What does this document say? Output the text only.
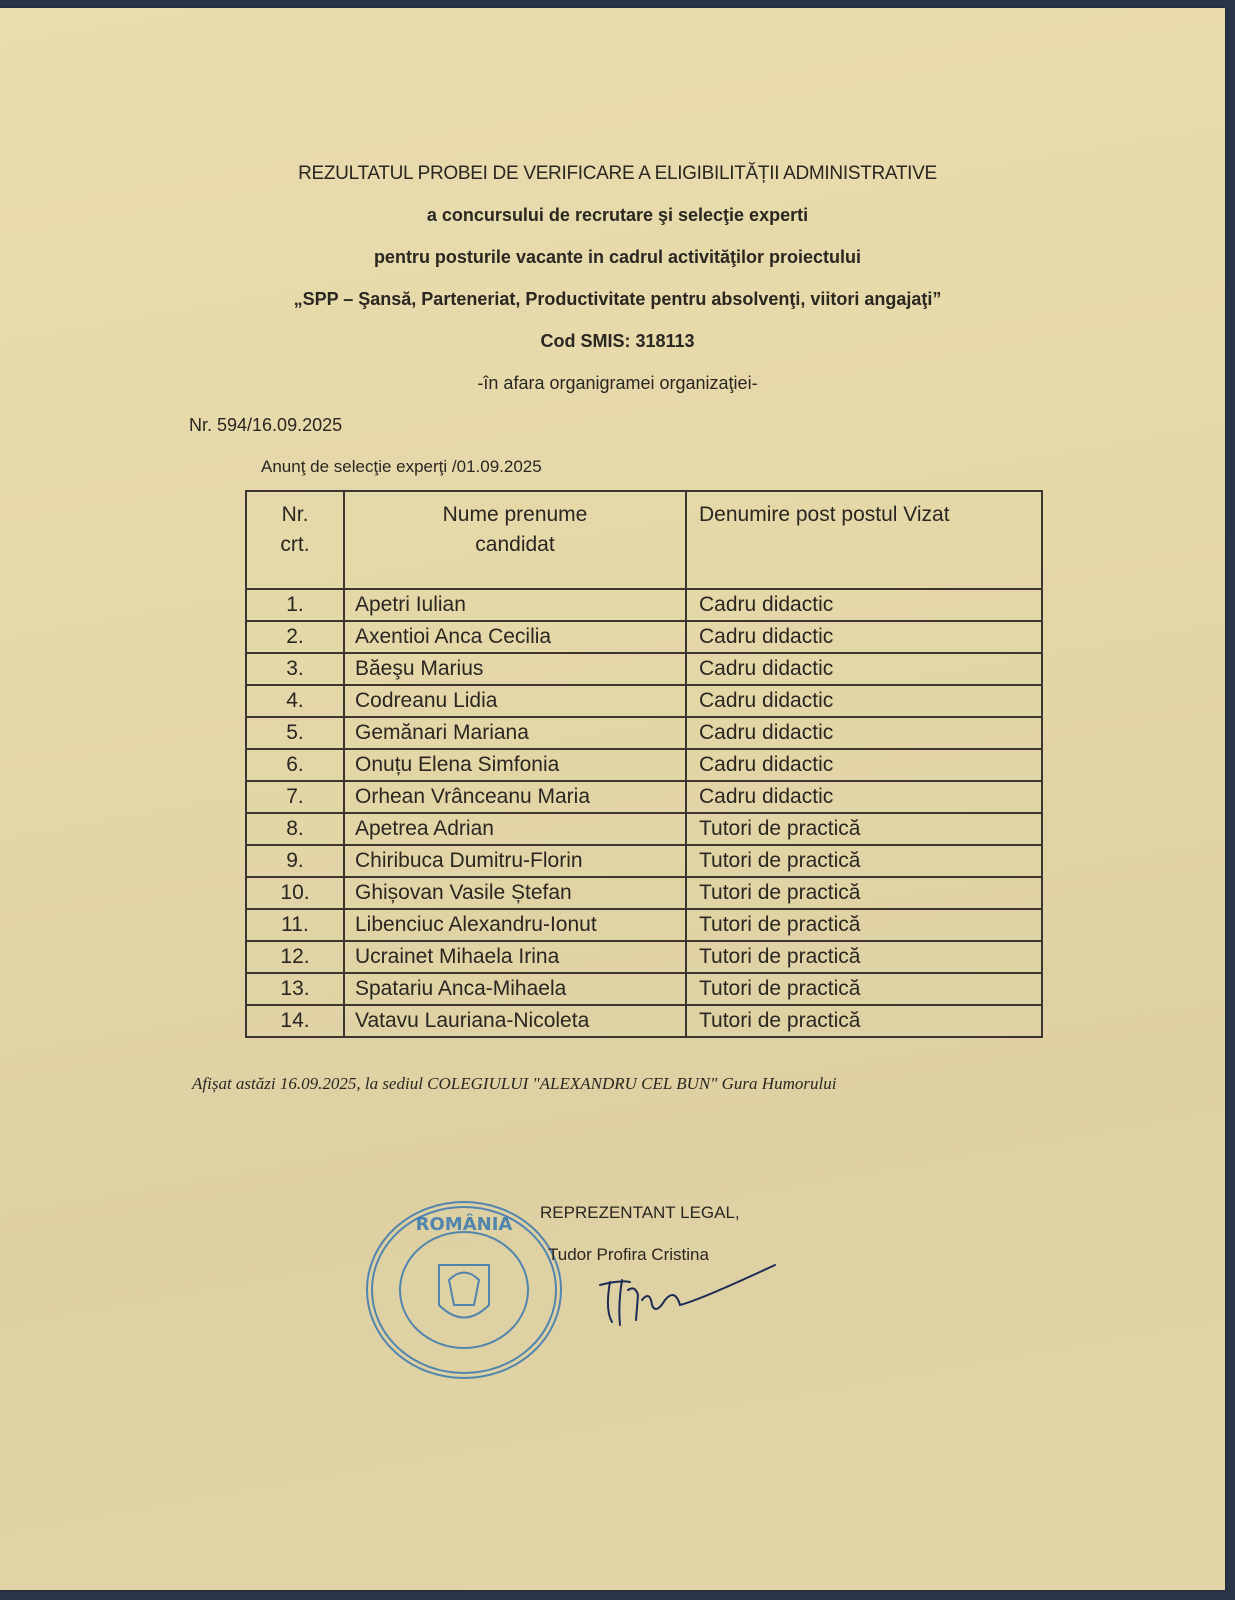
REZULTATUL PROBEI DE VERIFICARE A ELIGIBILITĂȚII ADMINISTRATIVE
a concursului de recrutare şi selecţie experti
pentru posturile vacante in cadrul activităţilor proiectului
„SPP – Şansă, Parteneriat, Productivitate pentru absolvenţi, viitori angajaţi”
Cod SMIS: 318113
-în afara organigramei organizaţiei-
Nr. 594/16.09.2025
Anunţ de selecţie experţi /01.09.2025
Nr.
crt.	Nume prenume candidat	Denumire post postul Vizat
1.	Apetri Iulian	Cadru didactic
2.	Axentioi Anca Cecilia	Cadru didactic
3.	Băeşu Marius	Cadru didactic
4.	Codreanu Lidia	Cadru didactic
5.	Gemănari Mariana	Cadru didactic
6.	Onuțu Elena Simfonia	Cadru didactic
7.	Orhean Vrânceanu Maria	Cadru didactic
8.	Apetrea Adrian	Tutori de practică
9.	Chiribuca Dumitru-Florin	Tutori de practică
10.	Ghișovan Vasile Ștefan	Tutori de practică
11.	Libenciuc Alexandru-Ionut	Tutori de practică
12.	Ucrainet Mihaela Irina	Tutori de practică
13.	Spatariu Anca-Mihaela	Tutori de practică
14.	Vatavu Lauriana-Nicoleta	Tutori de practică
Afișat astăzi 16.09.2025, la sediul COLEGIULUI "ALEXANDRU CEL BUN" Gura Humorului
ROMÂNIA
REPREZENTANT LEGAL,
Tudor Profira Cristina
